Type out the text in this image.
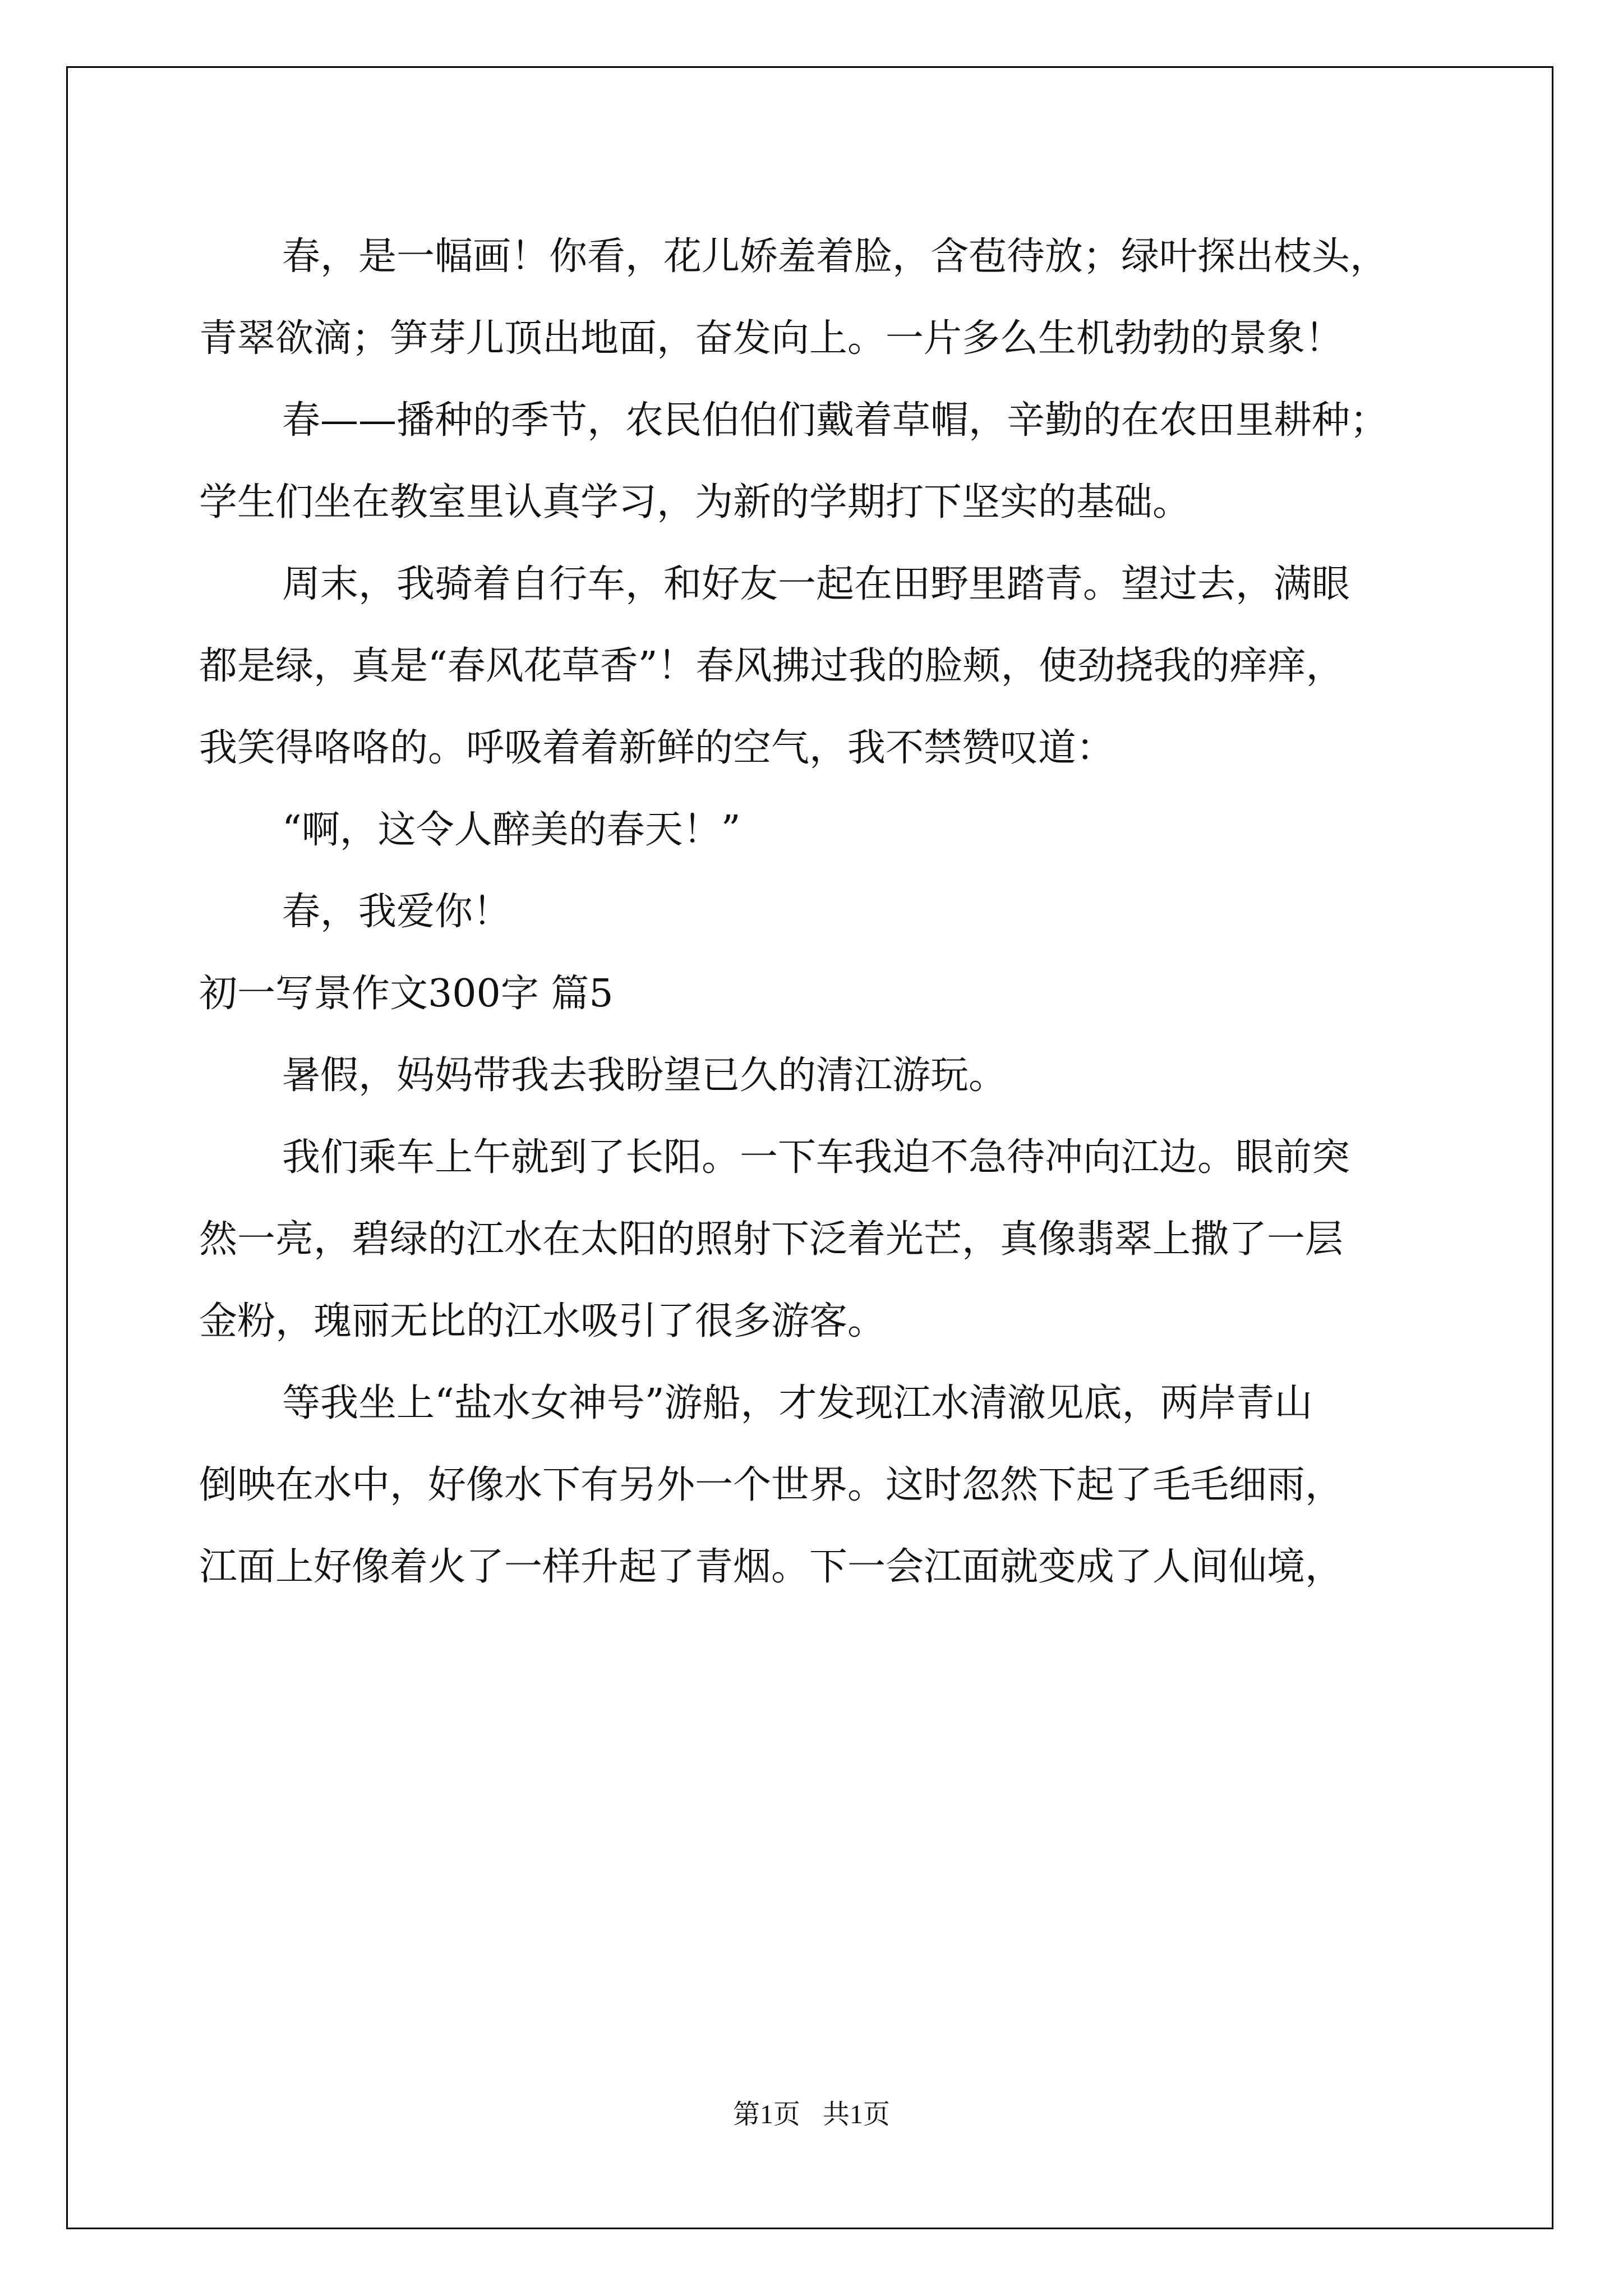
春，是一幅画！你看，花儿娇羞着脸，含苞待放；绿叶探出枝头，
青翠欲滴；笋芽儿顶出地面，奋发向上。一片多么生机勃勃的景象！
春——播种的季节，农民伯伯们戴着草帽，辛勤的在农田里耕种；
学生们坐在教室里认真学习，为新的学期打下坚实的基础。
周末，我骑着自行车，和好友一起在田野里踏青。望过去，满眼
都是绿，真是“春风花草香”！春风拂过我的脸颊，使劲挠我的痒痒，
我笑得咯咯的。呼吸着着新鲜的空气，我不禁赞叹道：
“啊，这令人醉美的春天！”
春，我爱你！
初一写景作文300字 篇5
暑假，妈妈带我去我盼望已久的清江游玩。
我们乘车上午就到了长阳。一下车我迫不急待冲向江边。眼前突
然一亮，碧绿的江水在太阳的照射下泛着光芒，真像翡翠上撒了一层
金粉，瑰丽无比的江水吸引了很多游客。
等我坐上“盐水女神号”游船，才发现江水清澈见底，两岸青山
倒映在水中，好像水下有另外一个世界。这时忽然下起了毛毛细雨，
江面上好像着火了一样升起了青烟。下一会江面就变成了人间仙境，
第1页 共1页
